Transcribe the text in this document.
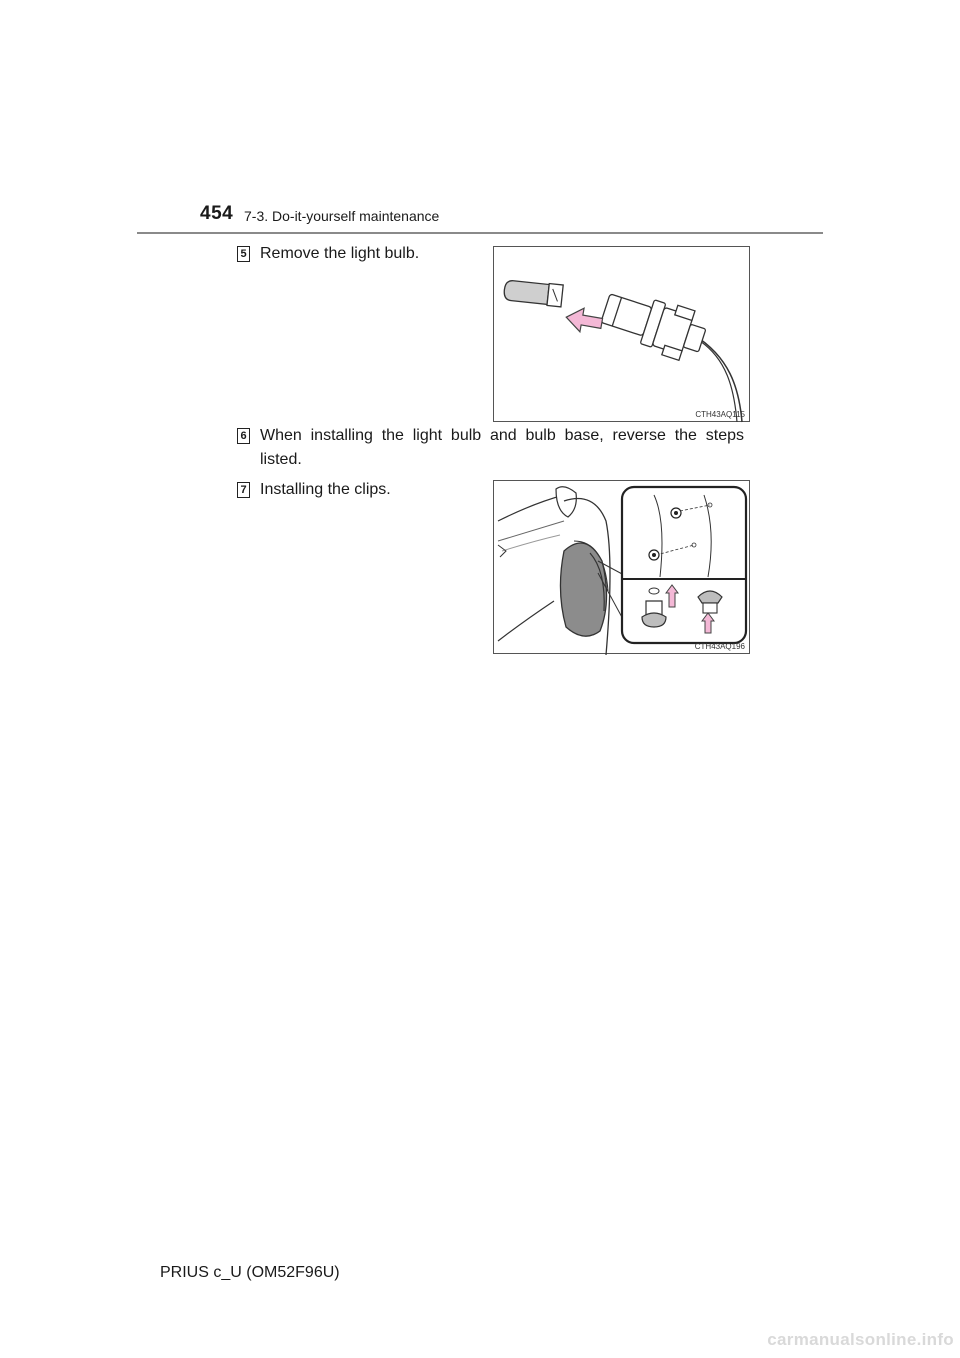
454 7-3. Do-it-yourself maintenance
5 Remove the light bulb.
CTH43AQ115
6 When installing the light bulb and bulb base, reverse the steps listed.
7 Installing the clips.
CTH43AQ196
PRIUS c_U (OM52F96U)
carmanualsonline.info
